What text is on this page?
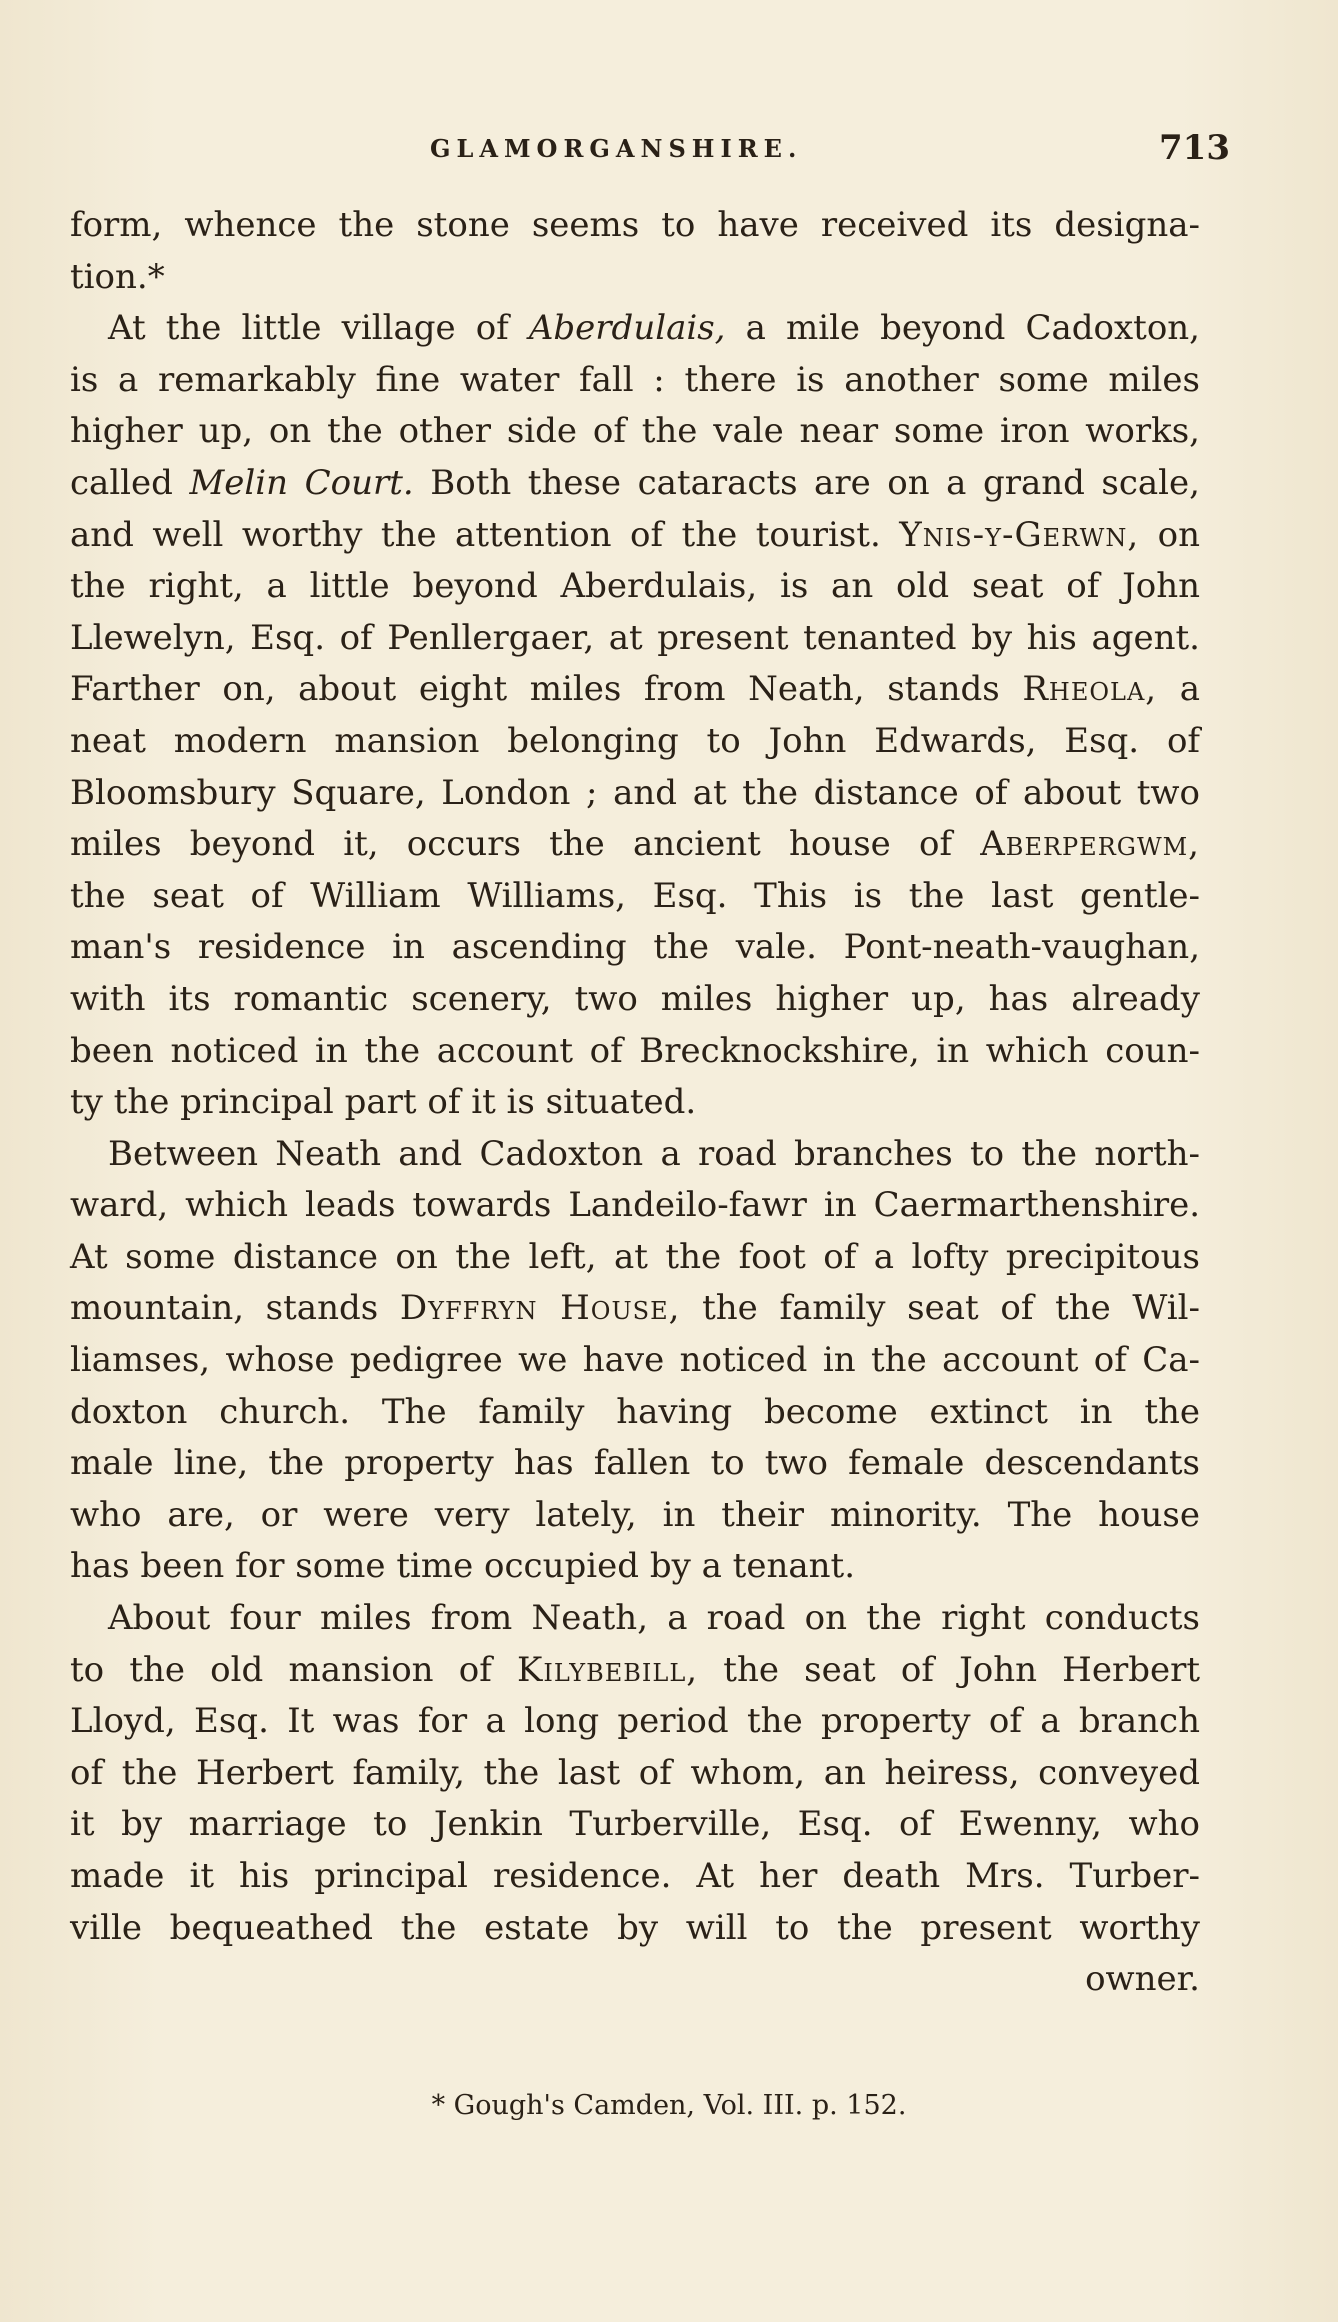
GLAMORGANSHIRE.	713
form, whence the stone seems to have received its designa-
tion.*
At the little village of Aberdulais, a mile beyond Cadoxton,
is a remarkably fine water fall : there is another some miles
higher up, on the other side of the vale near some iron works,
called Melin Court. Both these cataracts are on a grand scale,
and well worthy the attention of the tourist. Ynis-y-Gerwn, on
the right, a little beyond Aberdulais, is an old seat of John
Llewelyn, Esq. of Penllergaer, at present tenanted by his agent.
Farther on, about eight miles from Neath, stands Rheola, a
neat modern mansion belonging to John Edwards, Esq. of
Bloomsbury Square, London ; and at the distance of about two
miles beyond it, occurs the ancient house of Aberpergwm,
the seat of William Williams, Esq. This is the last gentle-
man's residence in ascending the vale. Pont-neath-vaughan,
with its romantic scenery, two miles higher up, has already
been noticed in the account of Brecknockshire, in which coun-
ty the principal part of it is situated.
Between Neath and Cadoxton a road branches to the north-
ward, which leads towards Landeilo-fawr in Caermarthenshire.
At some distance on the left, at the foot of a lofty precipitous
mountain, stands Dyffryn House, the family seat of the Wil-
liamses, whose pedigree we have noticed in the account of Ca-
doxton church. The family having become extinct in the
male line, the property has fallen to two female descendants
who are, or were very lately, in their minority. The house
has been for some time occupied by a tenant.
About four miles from Neath, a road on the right conducts
to the old mansion of Kilybebill, the seat of John Herbert
Lloyd, Esq. It was for a long period the property of a branch
of the Herbert family, the last of whom, an heiress, conveyed
it by marriage to Jenkin Turberville, Esq. of Ewenny, who
made it his principal residence. At her death Mrs. Turber-
ville bequeathed the estate by will to the present worthy
owner.
* Gough's Camden, Vol. III. p. 152.
